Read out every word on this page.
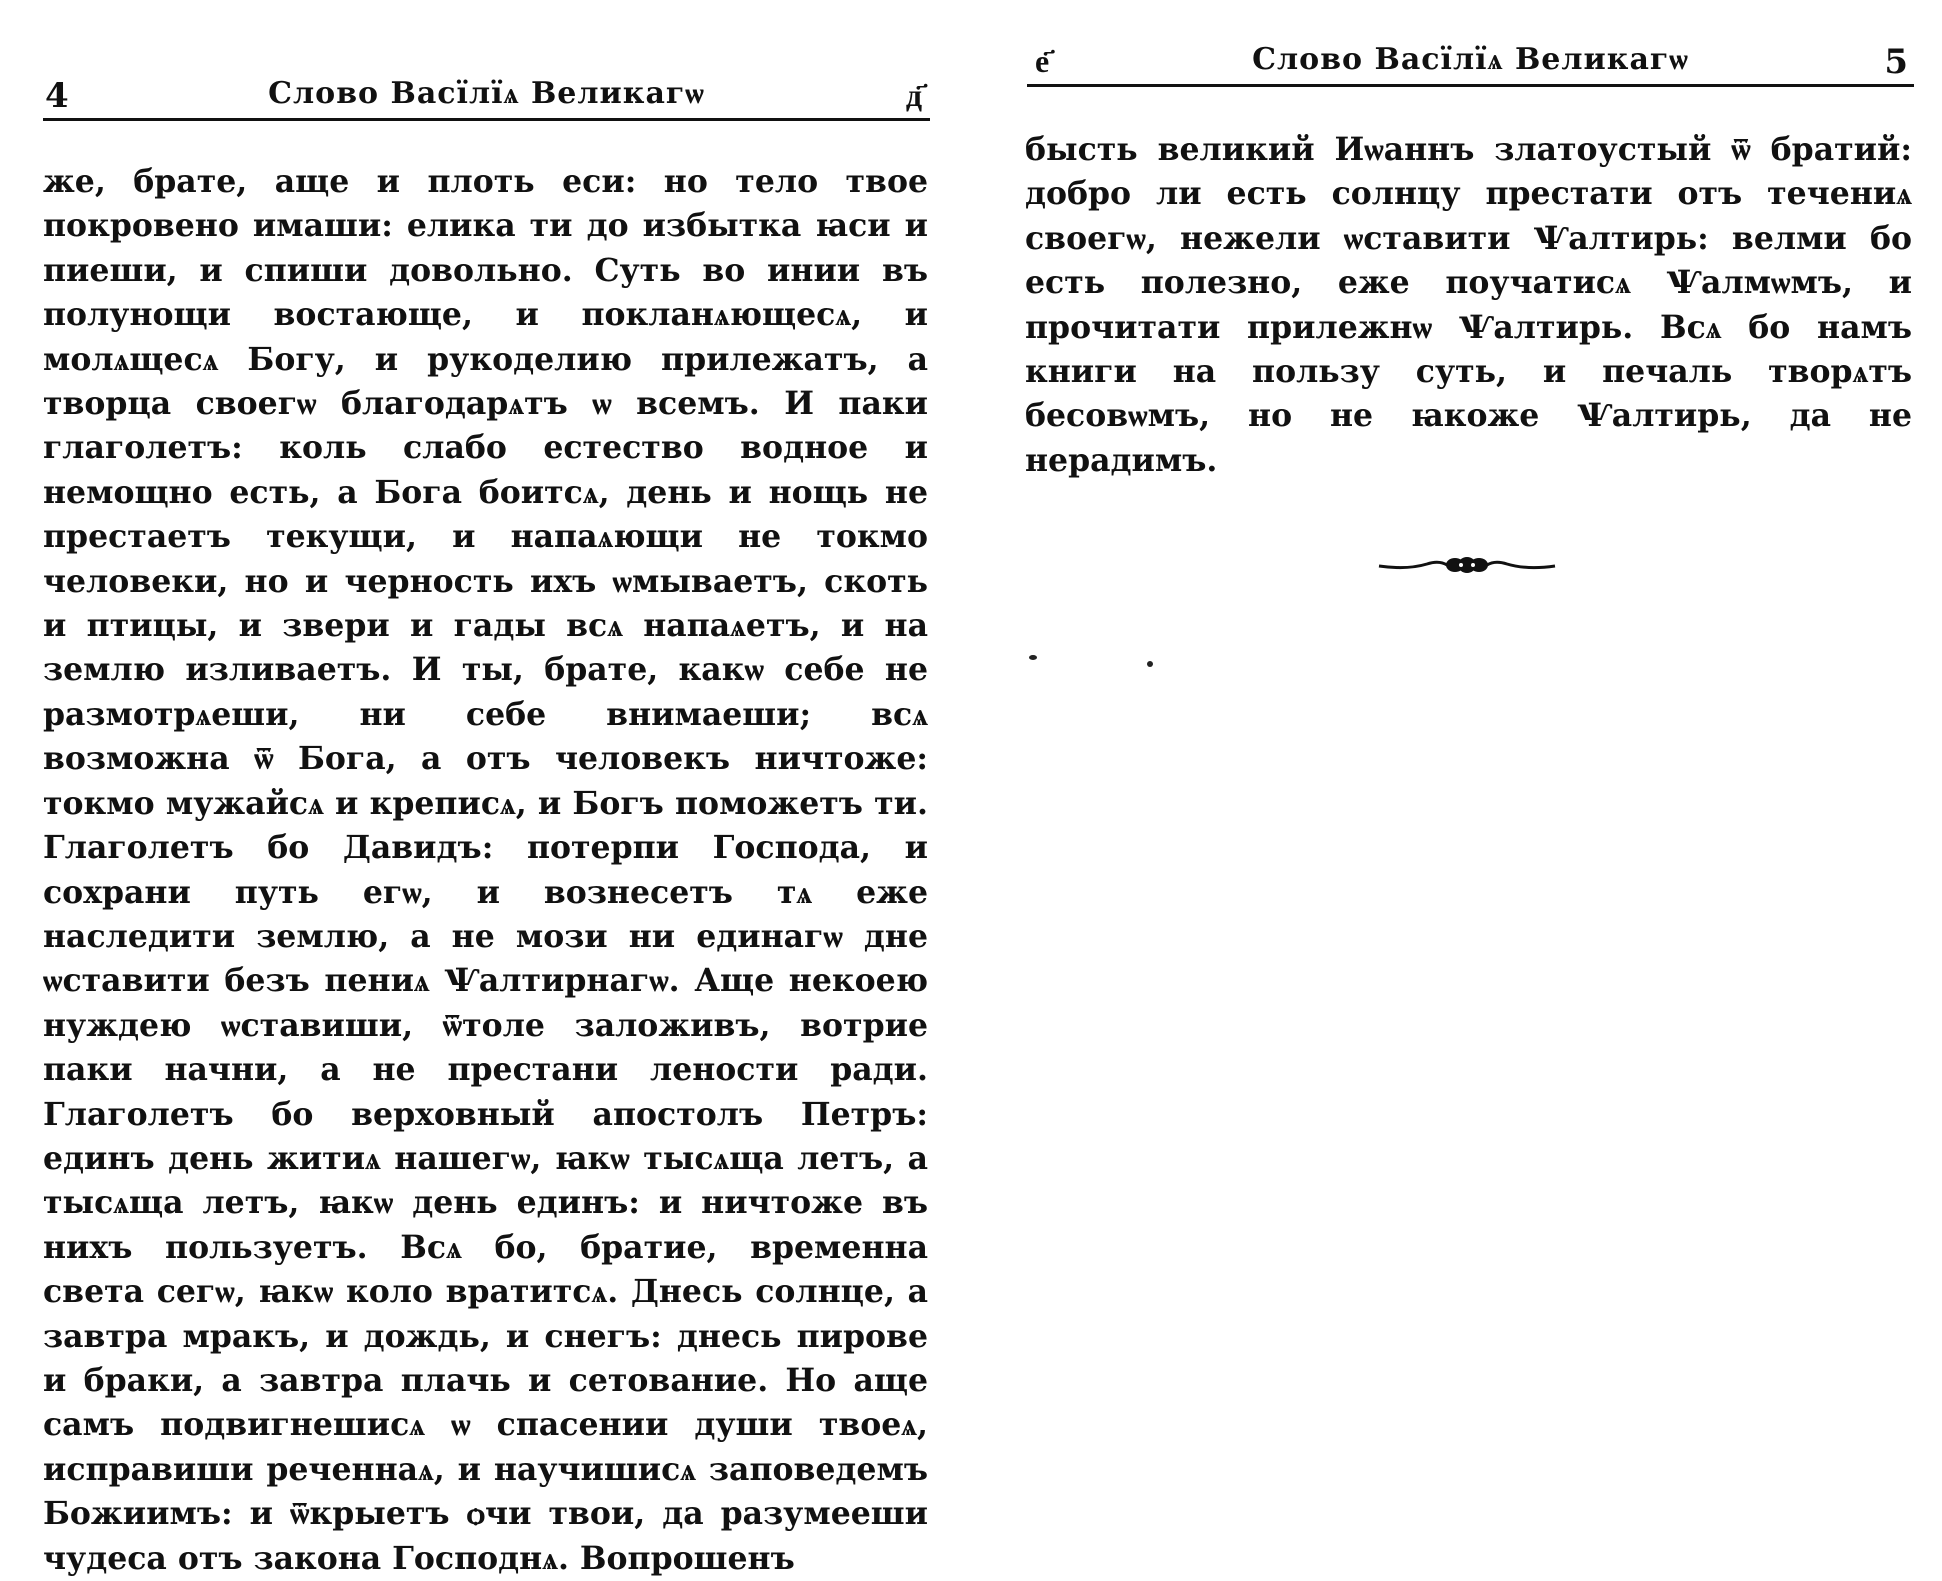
4	Слово Васїлїѧ Великагѡ	д҃

же, брате, аще и плоть еси: но тело твое покровено имаши: елика ти до избытка ꙗси и пиеши, и спиши довольно. Суть во инии въ полунощи востающе, и покланѧющесѧ, и молѧщесѧ Богу, и рукоделию прилежатъ, а творца своегѡ благодарѧтъ ѡ всемъ. И паки глаголетъ: коль слабо естество водное и немощно есть, а Бога боитсѧ, день и нощь не престаетъ текущи, и напаѧющи не токмо человеки, но и черность ихъ ѡмываетъ, скоть и птицы, и звери и гады всѧ напаѧетъ, и на землю изливаетъ. И ты, брате, какѡ себе не размотрѧеши, ни себе внимаеши; всѧ возможна ѿ Бога, а отъ человекъ ничтоже: токмо мужайсѧ и креписѧ, и Богъ поможетъ ти. Глаголетъ бо Давидъ: потерпи Господа, и сохрани путь егѡ, и вознесетъ тѧ еже наследити землю, а не мози ни единагѡ дне ѡставити безъ пениѧ Ѱалтирнагѡ. Аще некоею нуждею ѡставиши, ѿтоле заложивъ, вотрие паки начни, а не престани лености ради. Глаголетъ бо верховный апостолъ Петръ: единъ день житиѧ нашегѡ, ꙗкѡ тысѧща летъ, а тысѧща летъ, ꙗкѡ день единъ: и ничтоже въ нихъ пользуетъ. Всѧ бо, братие, временна света сегѡ, ꙗкѡ коло вратитсѧ. Днесь солнце, а завтра мракъ, и дождь, и снегъ: днесь пирове и браки, а завтра плачь и сетование. Но аще самъ подвигнешисѧ ѡ спасении души твоеѧ, исправиши реченнаѧ, и научишисѧ заповедемъ Божиимъ: и ѿкрыетъ ѻчи твои, да разумееши чудеса отъ закона Господнѧ. Вопрошенъ

е҃	Слово Васїлїѧ Великагѡ	5

бысть великий Иѡаннъ златоустый ѿ братий: добро ли есть солнцу престати отъ течениѧ своегѡ, нежели ѡставити Ѱалтирь: велми бо есть полезно, еже поучатисѧ Ѱалмѡмъ, и прочитати прилежнѡ Ѱалтирь. Всѧ бо намъ книги на пользу суть, и печаль творѧтъ бесовѡмъ, но не ꙗкоже Ѱалтирь, да не нерадимъ.
